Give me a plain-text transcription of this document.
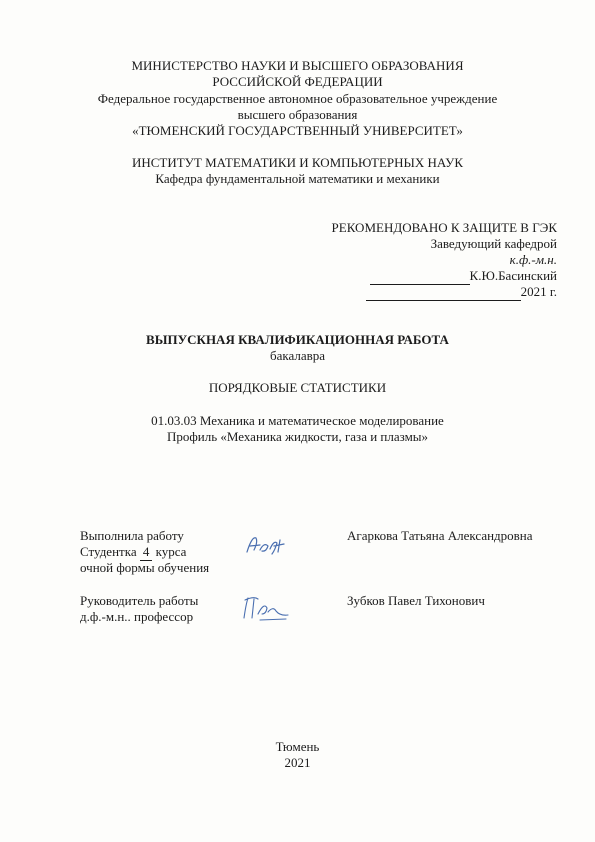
МИНИСТЕРСТВО НАУКИ И ВЫСШЕГО ОБРАЗОВАНИЯ
РОССИЙСКОЙ ФЕДЕРАЦИИ
Федеральное государственное автономное образовательное учреждение
высшего образования
«ТЮМЕНСКИЙ ГОСУДАРСТВЕННЫЙ УНИВЕРСИТЕТ»
ИНСТИТУТ МАТЕМАТИКИ И КОМПЬЮТЕРНЫХ НАУК
Кафедра фундаментальной математики и механики
РЕКОМЕНДОВАНО К ЗАЩИТЕ В ГЭК
Заведующий кафедрой
к.ф.-м.н.
К.Ю.Басинский
2021 г.
ВЫПУСКНАЯ КВАЛИФИКАЦИОННАЯ РАБОТА
бакалавра
ПОРЯДКОВЫЕ СТАТИСТИКИ
01.03.03 Механика и математическое моделирование
Профиль «Механика жидкости, газа и плазмы»
Выполнила работу
Студентка 4 курса
очной формы обучения
Агаркова Татьяна Александровна
Руководитель работы
д.ф.-м.н.. профессор
Зубков Павел Тихонович
Тюмень
2021
